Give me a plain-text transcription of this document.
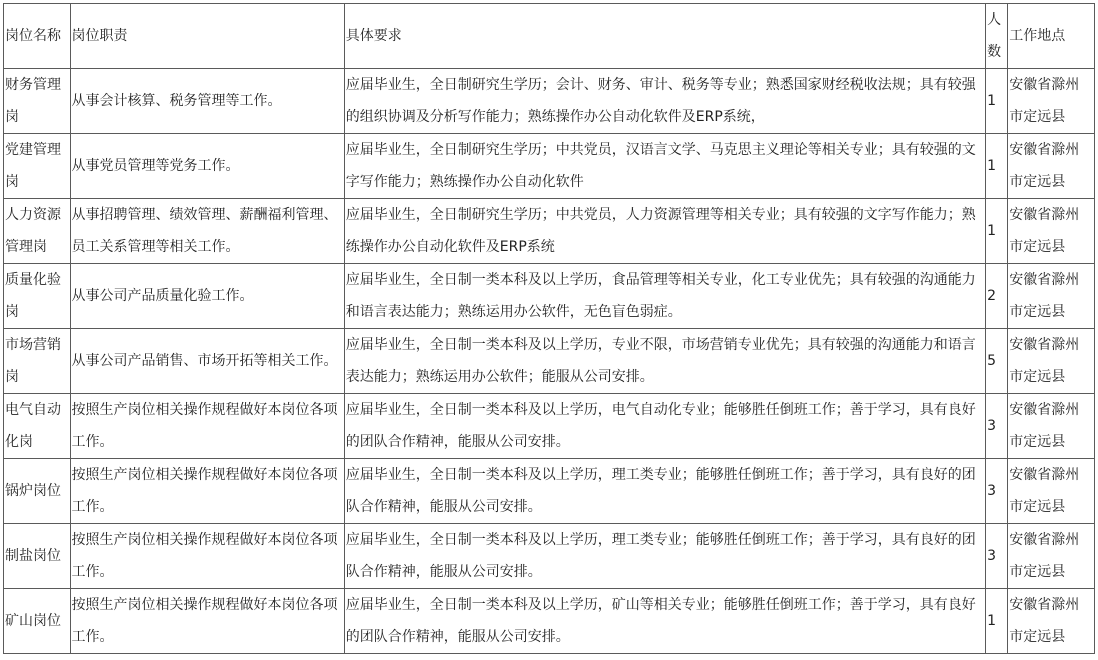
岗位名称	岗位职责	具体要求	人数	工作地点
财务管理岗	从事会计核算、税务管理等工作。	应届毕业生，全日制研究生学历；会计、财务、审计、税务等专业；熟悉国家财经税收法规；具有较强的组织协调及分析写作能力；熟练操作办公自动化软件及ERP系统，	1	安徽省滁州市定远县
党建管理岗	从事党员管理等党务工作。	应届毕业生，全日制研究生学历；中共党员，汉语言文学、马克思主义理论等相关专业；具有较强的文字写作能力；熟练操作办公自动化软件	1	安徽省滁州市定远县
人力资源管理岗	从事招聘管理、绩效管理、薪酬福利管理、员工关系管理等相关工作。	应届毕业生，全日制研究生学历；中共党员，人力资源管理等相关专业；具有较强的文字写作能力；熟练操作办公自动化软件及ERP系统	1	安徽省滁州市定远县
质量化验岗	从事公司产品质量化验工作。	应届毕业生，全日制一类本科及以上学历，食品管理等相关专业，化工专业优先；具有较强的沟通能力和语言表达能力；熟练运用办公软件，无色盲色弱症。	2	安徽省滁州市定远县
市场营销岗	从事公司产品销售、市场开拓等相关工作。	应届毕业生，全日制一类本科及以上学历，专业不限，市场营销专业优先；具有较强的沟通能力和语言表达能力；熟练运用办公软件；能服从公司安排。	5	安徽省滁州市定远县
电气自动化岗	按照生产岗位相关操作规程做好本岗位各项工作。	应届毕业生，全日制一类本科及以上学历，电气自动化专业；能够胜任倒班工作；善于学习，具有良好的团队合作精神，能服从公司安排。	3	安徽省滁州市定远县
锅炉岗位	按照生产岗位相关操作规程做好本岗位各项工作。	应届毕业生，全日制一类本科及以上学历，理工类专业；能够胜任倒班工作；善于学习，具有良好的团队合作精神，能服从公司安排。	3	安徽省滁州市定远县
制盐岗位	按照生产岗位相关操作规程做好本岗位各项工作。	应届毕业生，全日制一类本科及以上学历，理工类专业；能够胜任倒班工作；善于学习，具有良好的团队合作精神，能服从公司安排。	3	安徽省滁州市定远县
矿山岗位	按照生产岗位相关操作规程做好本岗位各项工作。	应届毕业生，全日制一类本科及以上学历，矿山等相关专业；能够胜任倒班工作；善于学习，具有良好的团队合作精神，能服从公司安排。	1	安徽省滁州市定远县
